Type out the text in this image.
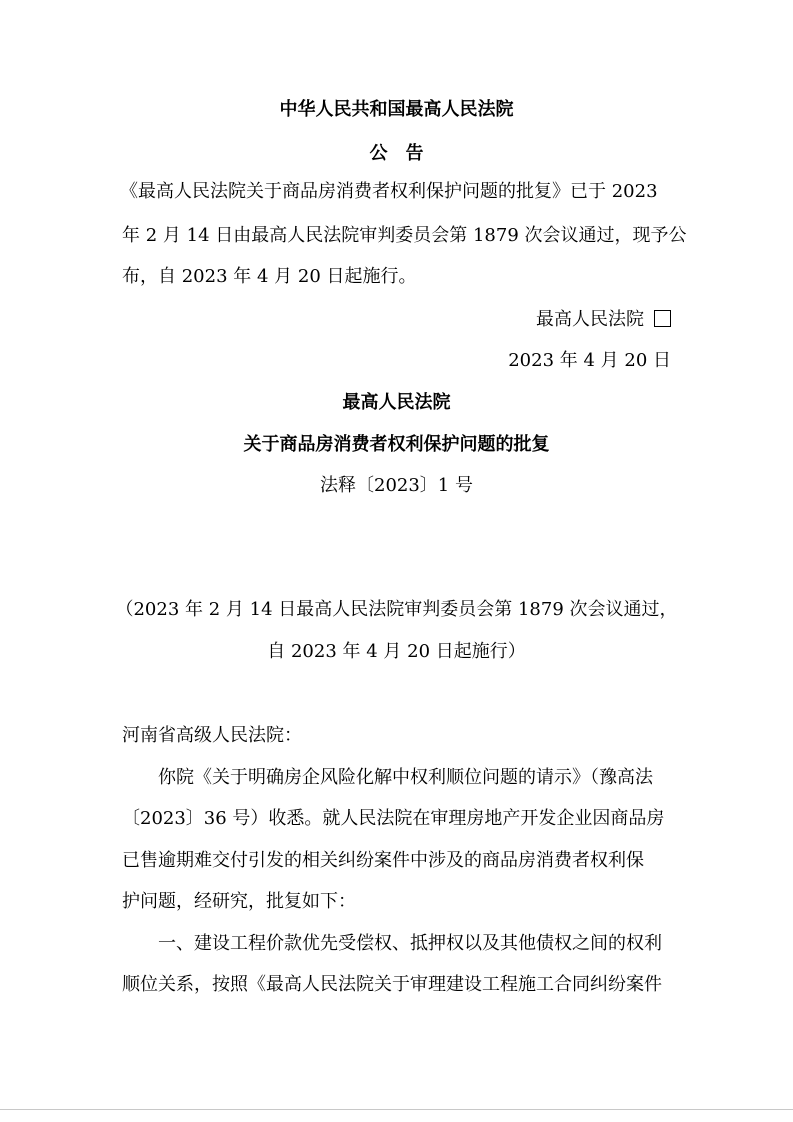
中华人民共和国最高人民法院
公　告
《最高人民法院关于商品房消费者权利保护问题的批复》已于 2023
年 2 月 14 日由最高人民法院审判委员会第 1879 次会议通过，现予公
布，自 2023 年 4 月 20 日起施行。
最高人民法院
2023 年 4 月 20 日
最高人民法院
关于商品房消费者权利保护问题的批复
法释〔2023〕1 号
（2023 年 2 月 14 日最高人民法院审判委员会第 1879 次会议通过，
自 2023 年 4 月 20 日起施行）
河南省高级人民法院：
你院《关于明确房企风险化解中权利顺位问题的请示》（豫高法
〔2023〕36 号）收悉。就人民法院在审理房地产开发企业因商品房
已售逾期难交付引发的相关纠纷案件中涉及的商品房消费者权利保
护问题，经研究，批复如下：
一、建设工程价款优先受偿权、抵押权以及其他债权之间的权利
顺位关系，按照《最高人民法院关于审理建设工程施工合同纠纷案件
